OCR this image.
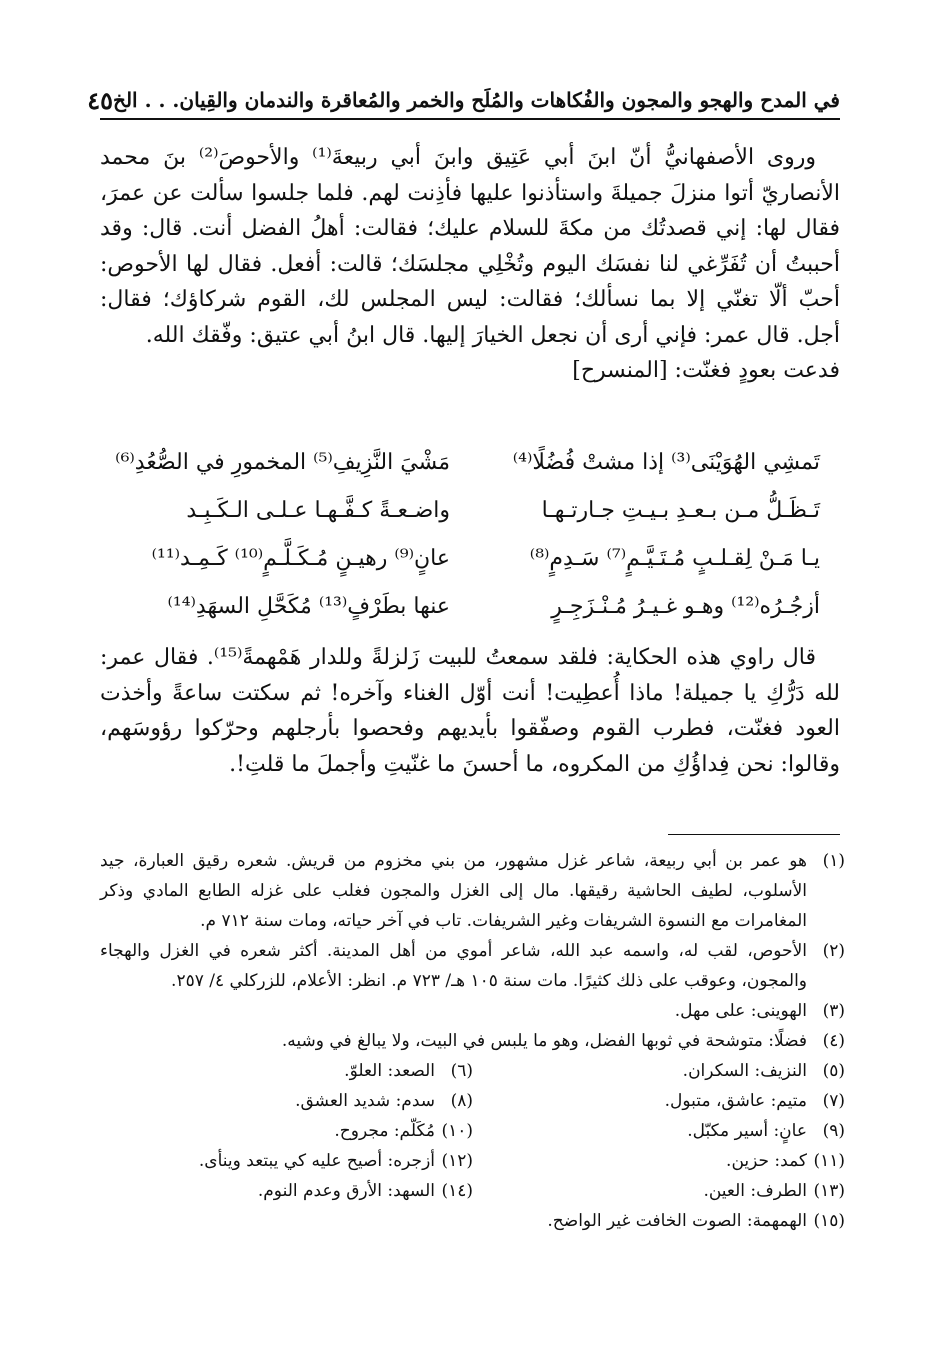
في المدح والهجو والمجون والفُكاهات والمُلَح والخمر والمُعاقرة والندمان والقِيان. . . الخ
٤٥

وروى الأصفهانيُّ أنّ ابنَ أبي عَتِيق وابنَ أبي ربيعةَ⁽¹⁾ والأحوصَ⁽²⁾ بنَ محمد الأنصاريّ أتوا منزلَ جميلةَ واستأذنوا عليها فأذِنت لهم. فلما جلسوا سألت عن عمرَ، فقال لها: إني قصدتُك من مكةَ للسلام عليك؛ فقالت: أهلُ الفضل أنت. قال: وقد أحببتُ أن تُفَرِّغي لنا نفسَك اليوم وتُخْلِي مجلسَك؛ قالت: أفعل. فقال لها الأحوص: أحبّ ألّا تغنّي إلا بما نسألك؛ فقالت: ليس المجلس لك، القوم شركاؤك؛ فقال: أجل. قال عمر: فإني أرى أن نجعل الخيارَ إليها. قال ابنُ أبي عتيق: وفّقك الله.

فدعت بعودٍ فغنّت: [المنسرح]

تَمشِي الهُوَيْنَى⁽³⁾ إذا مشتْ فُضُلًا⁽⁴⁾
مَشْيَ النَّزِيفِ⁽⁵⁾ المخمورِ في الصُّعُدِ⁽⁶⁾
تَـظَـلُّ مـن بـعـدِ بـيـتِ جـارتـهـا
واضـعـةً كـفَّـهـا عـلـى الـكَـبِـد
يـا مَـنْ لِقـلـبٍ مُـتَـيَّـمٍ⁽⁷⁾ سَـدِمٍ⁽⁸⁾
عانٍ⁽⁹⁾ رهيـنٍ مُـكَـلَّـمٍ⁽¹⁰⁾ كَـمِـد⁽¹¹⁾
أزجُـرُه⁽¹²⁾ وهـو غـيـرُ مُـنْـزَجِـرٍ
عنها بطَرْفٍ⁽¹³⁾ مُكَحَّلِ السهَدِ⁽¹⁴⁾

قال راوي هذه الحكاية: فلقد سمعتُ للبيت زَلزلةً وللدار هَمْهمةً⁽¹⁵⁾. فقال عمر: لله دَرُّكِ يا جميلة! ماذا أُعطِيت! أنت أوّل الغناء وآخره! ثم سكتت ساعةً وأخذت العود فغنّت، فطرب القوم وصفّقوا بأيديهم وفحصوا بأرجلهم وحرّكوا رؤوسَهم، وقالوا: نحن فِداؤُكِ من المكروه، ما أحسنَ ما غنّيتِ وأجملَ ما قلتِ!.

(١)
هو عمر بن أبي ربيعة، شاعر غزل مشهور، من بني مخزوم من قريش. شعره رقيق العبارة، جيد الأسلوب، لطيف الحاشية رقيقها. مال إلى الغزل والمجون فغلب على غزله الطابع المادي وذكر المغامرات مع النسوة الشريفات وغير الشريفات. تاب في آخر حياته، ومات سنة ٧١٢ م.
(٢)
الأحوص، لقب له، واسمه عبد الله، شاعر أموي من أهل المدينة. أكثر شعره في الغزل والهجاء والمجون، وعوقب على ذلك كثيرًا. مات سنة ١٠٥ هـ/ ٧٢٣ م. انظر: الأعلام، للزركلي ٤/ ٢٥٧.
(٣)
الهوينى: على مهل.
(٤)
فضلًا: متوشحة في ثوبها الفضل، وهو ما يلبس في البيت، ولا يبالغ في وشيه.
(٥)
النزيف: السكران.
(٦)
الصعد: العلوّ.
(٧)
متيم: عاشق، متبول.
(٨)
سدم: شديد العشق.
(٩)
عانٍ: أسير مكبّل.
(١٠)
مُكَلّم: مجروح.
(١١)
كمد: حزين.
(١٢)
أزجره: أصيح عليه كي يبتعد وينأى.
(١٣)
الطرف: العين.
(١٤)
السهد: الأرق وعدم النوم.
(١٥)
الهمهمة: الصوت الخافت غير الواضح.
